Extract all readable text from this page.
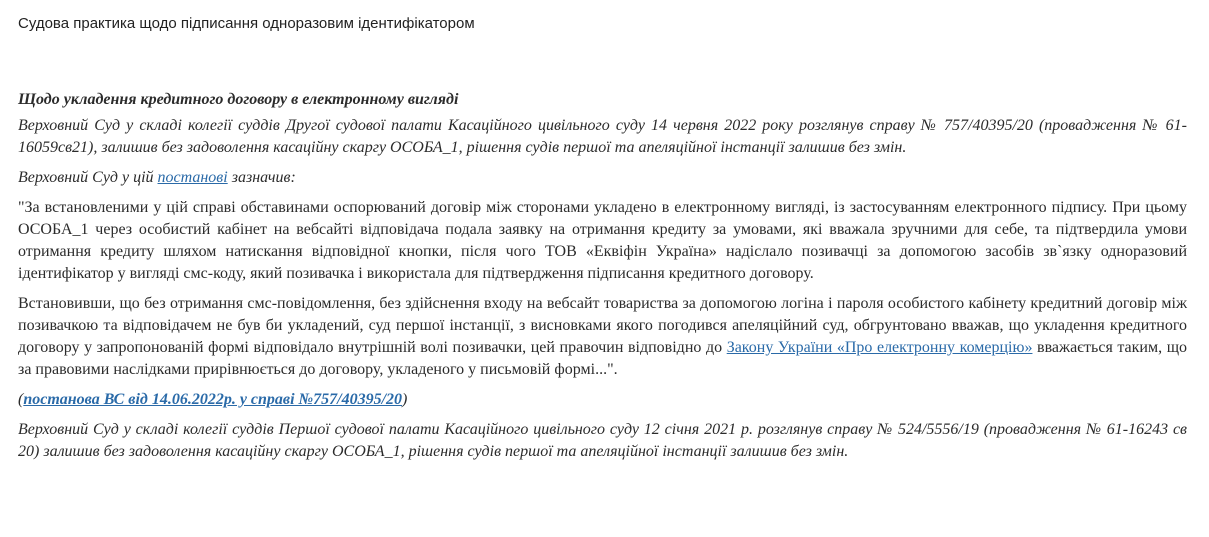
Судова практика щодо підписання одноразовим ідентифікатором

Щодо укладення кредитного договору в електронному вигляді

Верховний Суд у складі колегії суддів Другої судової палати Касаційного цивільного суду 14 червня 2022 року розглянув справу № 757/40395/20 (провадження № 61-16059св21), залишив без задоволення касаційну скаргу ОСОБА_1, рішення судів першої та апеляційної інстанції залишив без змін.

Верховний Суд у цій постанові зазначив:

"За встановленими у цій справі обставинами оспорюваний договір між сторонами укладено в електронному вигляді, із застосуванням електронного підпису. При цьому ОСОБА_1 через особистий кабінет на вебсайті відповідача подала заявку на отримання кредиту за умовами, які вважала зручними для себе, та підтвердила умови отримання кредиту шляхом натискання відповідної кнопки, після чого ТОВ «Еквіфін Україна» надіслало позивачці за допомогою засобів зв`язку одноразовий ідентифікатор у вигляді смс-коду, який позивачка і використала для підтвердження підписання кредитного договору.

Встановивши, що без отримання смс-повідомлення, без здійснення входу на вебсайт товариства за допомогою логіна і пароля особистого кабінету кредитний договір між позивачкою та відповідачем не був би укладений, суд першої інстанції, з висновками якого погодився апеляційний суд, обгрунтовано вважав, що укладення кредитного договору у запропонованій формі відповідало внутрішній волі позивачки, цей правочин відповідно до Закону України «Про електронну комерцію» вважається таким, що за правовими наслідками прирівнюється до договору, укладеного у письмовій формі...".

(постанова ВС від 14.06.2022р. у справі №757/40395/20)

Верховний Суд у складі колегії суддів Першої судової палати Касаційного цивільного суду 12 січня 2021 р. розглянув справу № 524/5556/19 (провадження № 61-16243 св 20) залишив без задоволення касаційну скаргу ОСОБА_1, рішення судів першої та апеляційної інстанції залишив без змін.
